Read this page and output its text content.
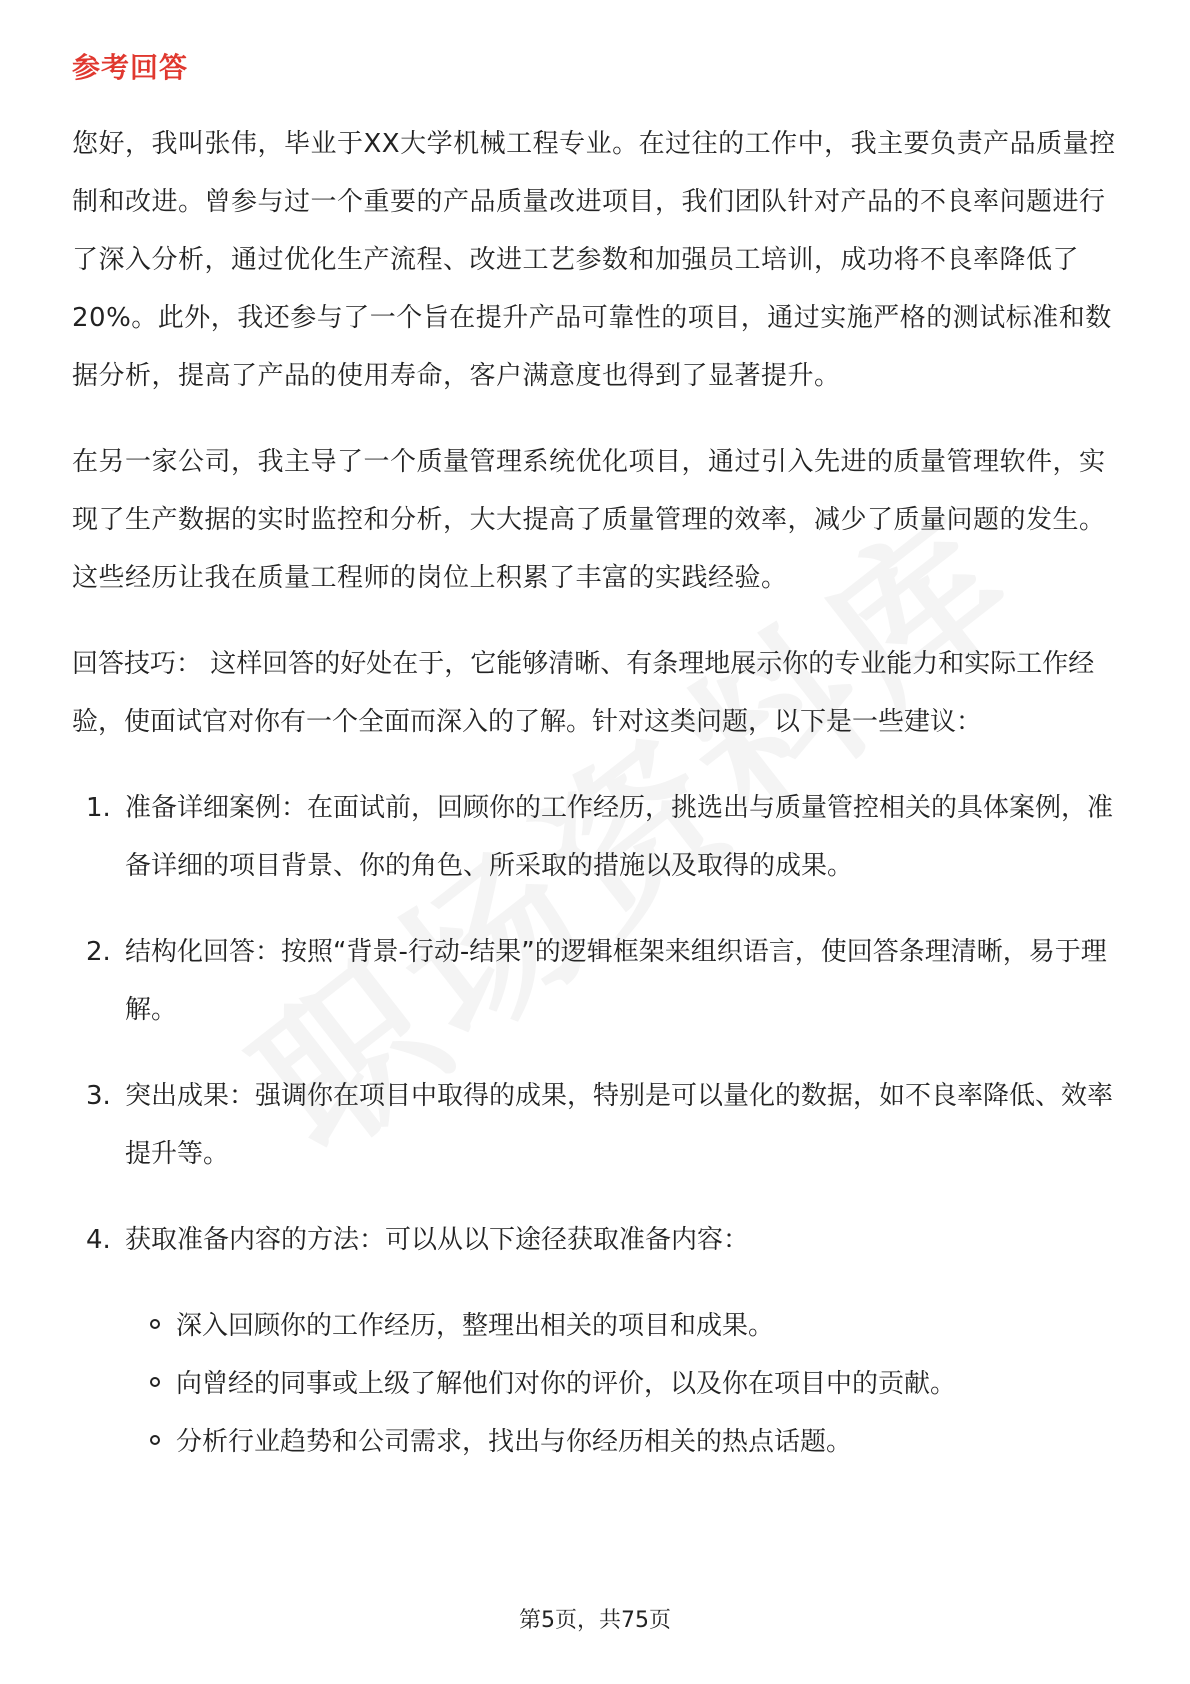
参考回答

您好，我叫张伟，毕业于XX大学机械工程专业。在过往的工作中，我主要负责产品质量控制和改进。曾参与过一个重要的产品质量改进项目，我们团队针对产品的不良率问题进行了深入分析，通过优化生产流程、改进工艺参数和加强员工培训，成功将不良率降低了20%。此外，我还参与了一个旨在提升产品可靠性的项目，通过实施严格的测试标准和数据分析，提高了产品的使用寿命，客户满意度也得到了显著提升。

在另一家公司，我主导了一个质量管理系统优化项目，通过引入先进的质量管理软件，实现了生产数据的实时监控和分析，大大提高了质量管理的效率，减少了质量问题的发生。这些经历让我在质量工程师的岗位上积累了丰富的实践经验。

回答技巧： 这样回答的好处在于，它能够清晰、有条理地展示你的专业能力和实际工作经验，使面试官对你有一个全面而深入的了解。针对这类问题，以下是一些建议：

1. 准备详细案例：在面试前，回顾你的工作经历，挑选出与质量管控相关的具体案例，准备详细的项目背景、你的角色、所采取的措施以及取得的成果。
2. 结构化回答：按照“背景-行动-结果”的逻辑框架来组织语言，使回答条理清晰，易于理解。
3. 突出成果：强调你在项目中取得的成果，特别是可以量化的数据，如不良率降低、效率提升等。
4. 获取准备内容的方法：可以从以下途径获取准备内容：
深入回顾你的工作经历，整理出相关的项目和成果。
向曾经的同事或上级了解他们对你的评价，以及你在项目中的贡献。
分析行业趋势和公司需求，找出与你经历相关的热点话题。
第5页，共75页
